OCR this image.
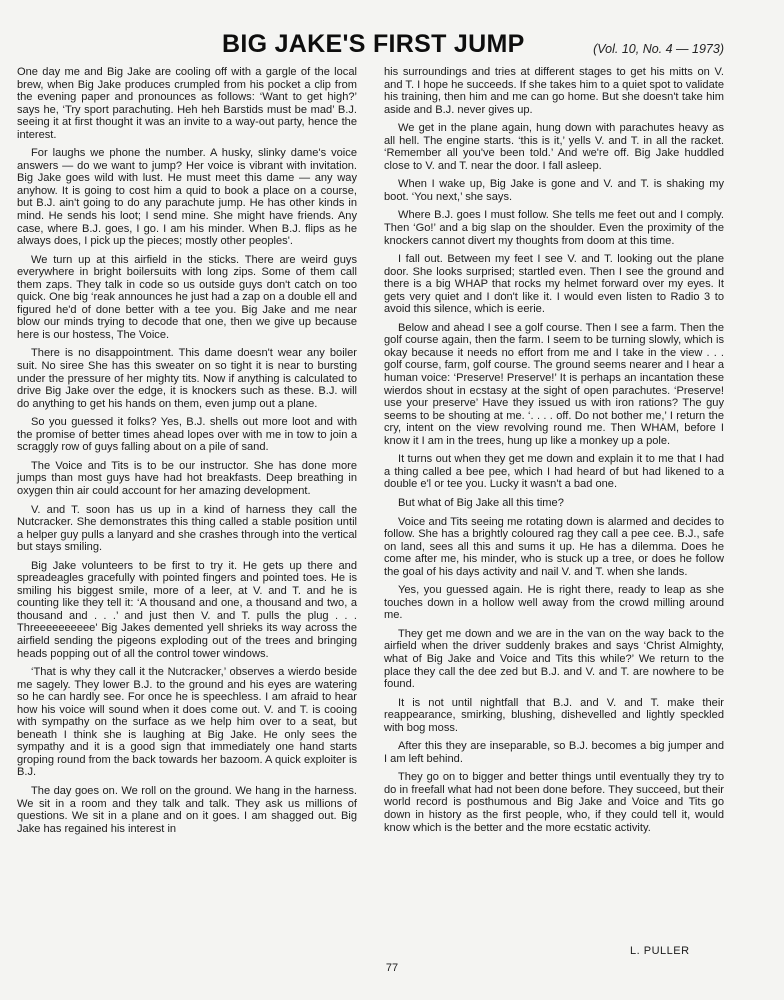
BIG JAKE'S FIRST JUMP	(Vol. 10, No. 4 — 1973)

One day me and Big Jake are cooling off with a gargle of the local brew, when Big Jake produces crumpled from his pocket a clip from the evening paper and pronounces as follows: ‘Want to get high?’ says he, ‘Try sport parachuting. Heh heh Barstids must be mad’ B.J. seeing it at first thought it was an invite to a way-out party, hence the interest.

For laughs we phone the number. A husky, slinky dame's voice answers — do we want to jump? Her voice is vibrant with invitation. Big Jake goes wild with lust. He must meet this dame — any way anyhow. It is going to cost him a quid to book a place on a course, but B.J. ain't going to do any parachute jump. He has other kinds in mind. He sends his loot; I send mine. She might have friends. Any case, where B.J. goes, I go. I am his minder. When B.J. flips as he always does, I pick up the pieces; mostly other peoples'.

We turn up at this airfield in the sticks. There are weird guys everywhere in bright boilersuits with long zips. Some of them call them zaps. They talk in code so us outside guys don't catch on too quick. One big ‘reak announces he just had a zap on a double ell and figured he'd of done better with a tee you. Big Jake and me near blow our minds trying to decode that one, then we give up because here is our hostess, The Voice.

There is no disappointment. This dame doesn't wear any boiler suit. No siree She has this sweater on so tight it is near to bursting under the pressure of her mighty tits. Now if anything is calculated to drive Big Jake over the edge, it is knockers such as these. B.J. will do anything to get his hands on them, even jump out a plane.

So you guessed it folks? Yes, B.J. shells out more loot and with the promise of better times ahead lopes over with me in tow to join a scraggly row of guys falling about on a pile of sand.

The Voice and Tits is to be our instructor. She has done more jumps than most guys have had hot breakfasts. Deep breathing in oxygen thin air could account for her amazing development.

V. and T. soon has us up in a kind of harness they call the Nutcracker. She demonstrates this thing called a stable position until a helper guy pulls a lanyard and she crashes through into the vertical but stays smiling.

Big Jake volunteers to be first to try it. He gets up there and spreadeagles gracefully with pointed fingers and pointed toes. He is smiling his biggest smile, more of a leer, at V. and T. and he is counting like they tell it: ‘A thousand and one, a thousand and two, a thousand and . . .’ and just then V. and T. pulls the plug . . . Threeeeeeeeee' Big Jakes demented yell shrieks its way across the airfield sending the pigeons exploding out of the trees and bringing heads popping out of all the control tower windows.

‘That is why they call it the Nutcracker,’ observes a wierdo beside me sagely. They lower B.J. to the ground and his eyes are watering so he can hardly see. For once he is speechless. I am afraid to hear how his voice will sound when it does come out. V. and T. is cooing with sympathy on the surface as we help him over to a seat, but beneath I think she is laughing at Big Jake. He only sees the sympathy and it is a good sign that immediately one hand starts groping round from the back towards her bazoom. A quick exploiter is B.J.

The day goes on. We roll on the ground. We hang in the harness. We sit in a room and they talk and talk. They ask us millions of questions. We sit in a plane and on it goes. I am shagged out. Big Jake has regained his interest in

his surroundings and tries at different stages to get his mitts on V. and T. I hope he succeeds. If she takes him to a quiet spot to validate his training, then him and me can go home. But she doesn't take him aside and B.J. never gives up.

We get in the plane again, hung down with parachutes heavy as all hell. The engine starts. ‘this is it,’ yells V. and T. in all the racket. ‘Remember all you've been told.’ And we're off. Big Jake huddled close to V. and T. near the door. I fall asleep.

When I wake up, Big Jake is gone and V. and T. is shaking my boot. ‘You next,’ she says.

Where B.J. goes I must follow. She tells me feet out and I comply. Then ‘Go!’ and a big slap on the shoulder. Even the proximity of the knockers cannot divert my thoughts from doom at this time.

I fall out. Between my feet I see V. and T. looking out the plane door. She looks surprised; startled even. Then I see the ground and there is a big WHAP that rocks my helmet forward over my eyes. It gets very quiet and I don't like it. I would even listen to Radio 3 to avoid this silence, which is eerie.

Below and ahead I see a golf course. Then I see a farm. Then the golf course again, then the farm. I seem to be turning slowly, which is okay because it needs no effort from me and I take in the view . . . golf course, farm, golf course. The ground seems nearer and I hear a human voice: ‘Preserve! Preserve!’ It is perhaps an incantation these wierdos shout in ecstasy at the sight of open parachutes. ‘Preserve! use your preserve’ Have they issued us with iron rations? The guy seems to be shouting at me. ‘. . . . off. Do not bother me,’ I return the cry, intent on the view revolving round me. Then WHAM, before I know it I am in the trees, hung up like a monkey up a pole.

It turns out when they get me down and explain it to me that I had a thing called a bee pee, which I had heard of but had likened to a double e'l or tee you. Lucky it wasn't a bad one.

But what of Big Jake all this time?

Voice and Tits seeing me rotating down is alarmed and decides to follow. She has a brightly coloured rag they call a pee cee. B.J., safe on land, sees all this and sums it up. He has a dilemma. Does he come after me, his minder, who is stuck up a tree, or does he follow the goal of his days activity and nail V. and T. when she lands.

Yes, you guessed again. He is right there, ready to leap as she touches down in a hollow well away from the crowd milling around me.

They get me down and we are in the van on the way back to the airfield when the driver suddenly brakes and says ‘Christ Almighty, what of Big Jake and Voice and Tits this while?’ We return to the place they call the dee zed but B.J. and V. and T. are nowhere to be found.

It is not until nightfall that B.J. and V. and T. make their reappearance, smirking, blushing, dishevelled and lightly speckled with bog moss.

After this they are inseparable, so B.J. becomes a big jumper and I am left behind.

They go on to bigger and better things until eventually they try to do in freefall what had not been done before. They succeed, but their world record is posthumous and Big Jake and Voice and Tits go down in history as the first people, who, if they could tell it, would know which is the better and the more ecstatic activity.

L. PULLER
77
